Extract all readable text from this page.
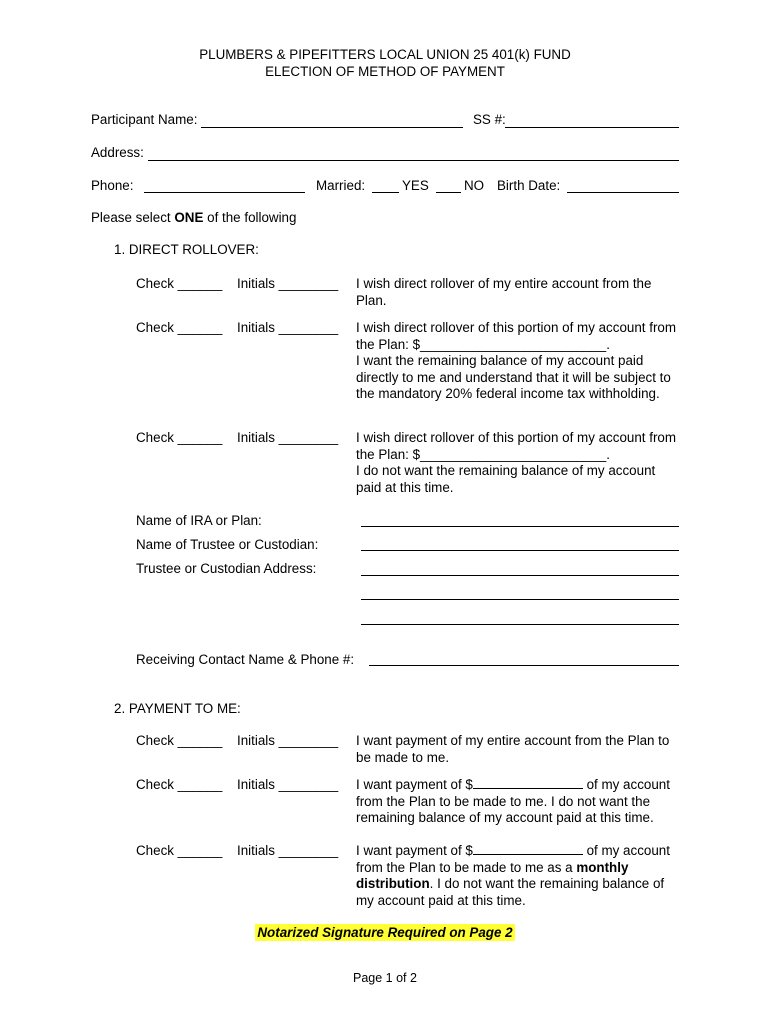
PLUMBERS & PIPEFITTERS LOCAL UNION 25 401(k) FUND
ELECTION OF METHOD OF PAYMENT
Participant Name:	SS #:
Address:
Phone:	Married:	YES	NO Birth Date:
Please select ONE of the following
1. DIRECT ROLLOVER:
Check ______ Initials ________ I wish direct rollover of my entire account from the Plan.
Check ______ Initials ________ I wish direct rollover of this portion of my account from the Plan: $_________________________.
I want the remaining balance of my account paid directly to me and understand that it will be subject to the mandatory 20% federal income tax withholding.
Check ______ Initials ________ I wish direct rollover of this portion of my account from the Plan: $_________________________.
I do not want the remaining balance of my account paid at this time.
Name of IRA or Plan:
Name of Trustee or Custodian:
Trustee or Custodian Address:
Receiving Contact Name & Phone #:
2. PAYMENT TO ME:
Check ______ Initials ________ I want payment of my entire account from the Plan to be made to me.
Check ______ Initials ________ I want payment of $	of my account from the Plan to be made to me. I do not want the remaining balance of my account paid at this time.
Check ______ Initials ________ I want payment of $	of my account from the Plan to be made to me as a monthly distribution. I do not want the remaining balance of my account paid at this time.
Notarized Signature Required on Page 2
Page 1 of 2
